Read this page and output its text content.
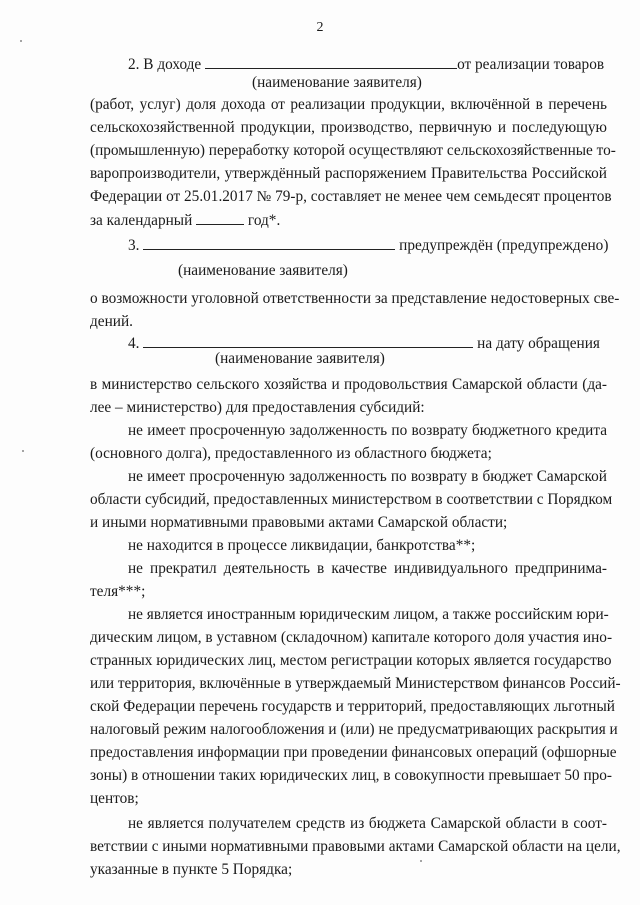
2
2. В доходе	от реализации товаров
(наименование заявителя)
(работ, услуг) доля дохода от реализации продукции, включённой в перечень
сельскохозяйственной продукции, производство, первичную и последующую
(промышленную) переработку которой осуществляют сельскохозяйственные то-
варопроизводители, утверждённый распоряжением Правительства Российской
Федерации от 25.01.2017 № 79-р, составляет не менее чем семьдесят процентов
за календарный	год*.
3.	предупреждён (предупреждено)
(наименование заявителя)
о возможности уголовной ответственности за представление недостоверных све-
дений.
4.	на дату обращения
(наименование заявителя)
в министерство сельского хозяйства и продовольствия Самарской области (да-
лее – министерство) для предоставления субсидий:
не имеет просроченную задолженность по возврату бюджетного кредита
(основного долга), предоставленного из областного бюджета;
не имеет просроченную задолженность по возврату в бюджет Самарской
области субсидий, предоставленных министерством в соответствии с Порядком
и иными нормативными правовыми актами Самарской области;
не находится в процессе ликвидации, банкротства**;
не прекратил деятельность в качестве индивидуального предпринима-
теля***;
не является иностранным юридическим лицом, а также российским юри-
дическим лицом, в уставном (складочном) капитале которого доля участия ино-
странных юридических лиц, местом регистрации которых является государство
или территория, включённые в утверждаемый Министерством финансов Россий-
ской Федерации перечень государств и территорий, предоставляющих льготный
налоговый режим налогообложения и (или) не предусматривающих раскрытия и
предоставления информации при проведении финансовых операций (офшорные
зоны) в отношении таких юридических лиц, в совокупности превышает 50 про-
центов;
не является получателем средств из бюджета Самарской области в соот-
ветствии с иными нормативными правовыми актами Самарской области на цели,
указанные в пункте 5 Порядка;
